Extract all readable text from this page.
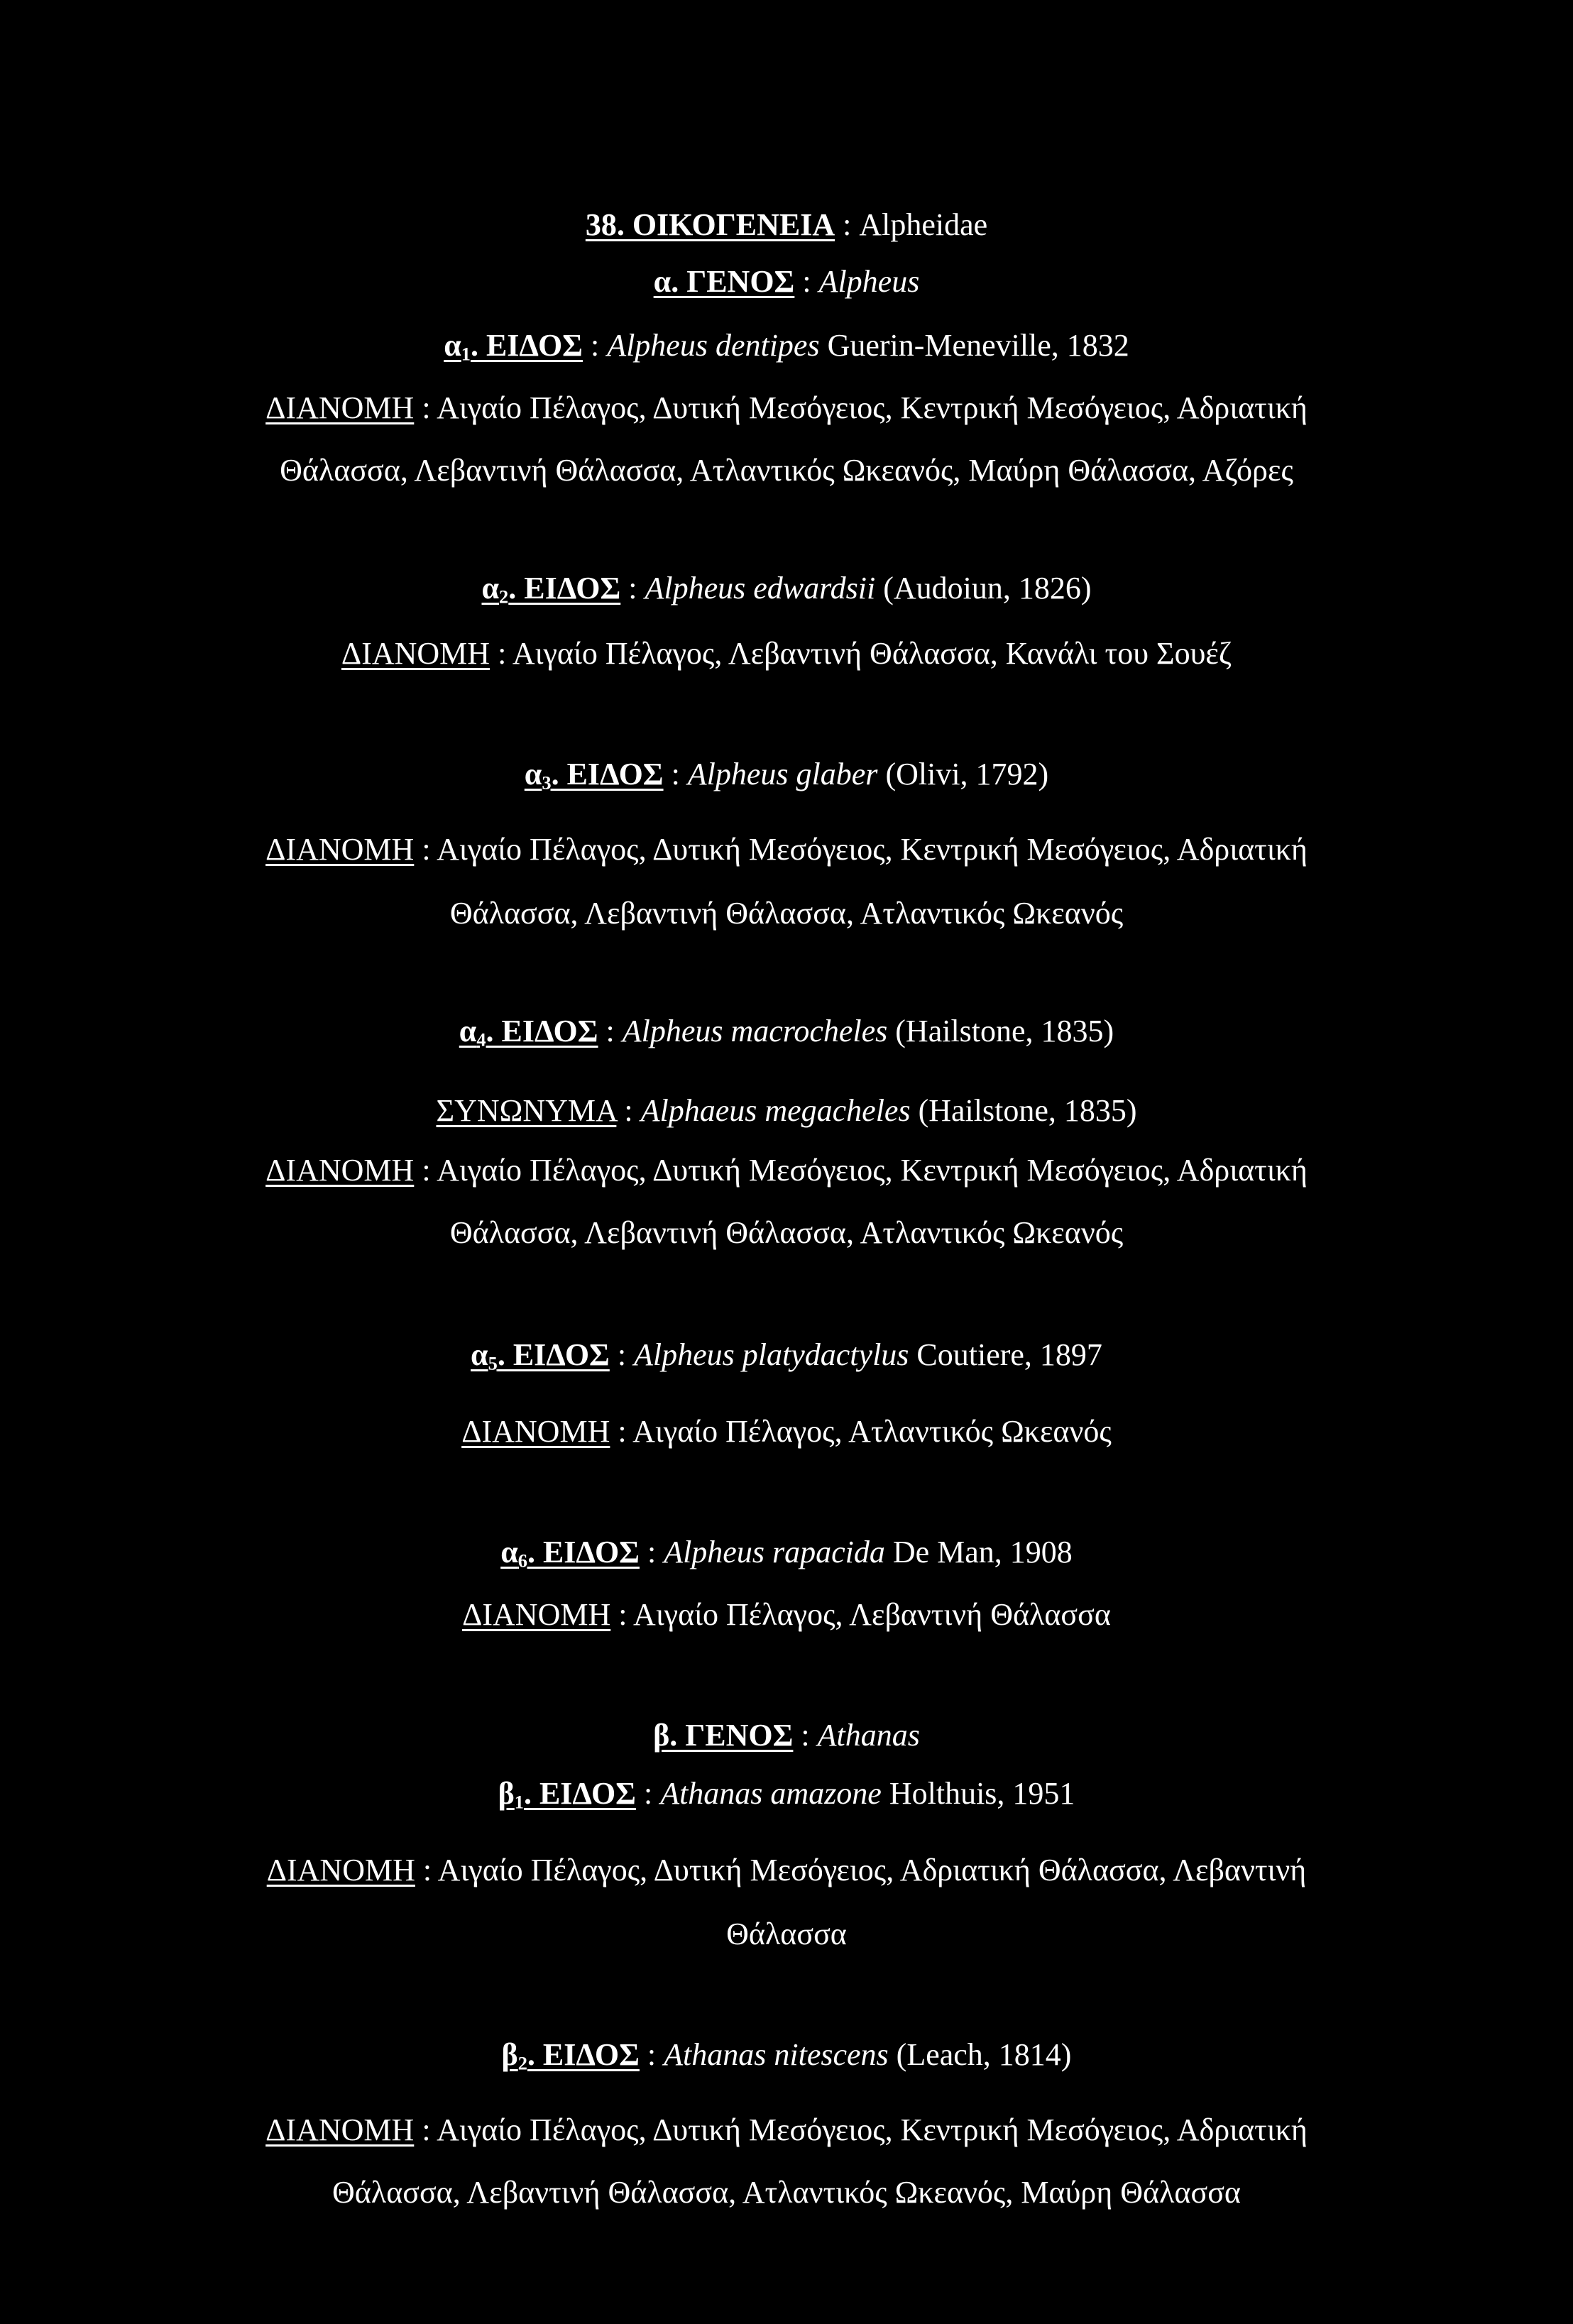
38. ΟΙΚΟΓΕΝΕΙΑ : Alpheidae
α. ΓΕΝΟΣ : Alpheus
$\alpha_1$. ΕΙΔΟΣ : Alpheus dentipes Guerin-Meneville, 1832
ΔΙΑΝΟΜΗ : Αιγαίο Πέλαγος, Δυτική Μεσόγειος, Κεντρική Μεσόγειος, Αδριατική
Θάλασσα, Λεβαντινή Θάλασσα, Ατλαντικός Ωκεανός, Μαύρη Θάλασσα, Αζόρες
$\alpha_2$. ΕΙΔΟΣ : Alpheus edwardsii (Audoiun, 1826)
ΔΙΑΝΟΜΗ : Αιγαίο Πέλαγος, Λεβαντινή Θάλασσα, Κανάλι του Σουέζ
$\alpha_3$. ΕΙΔΟΣ : Alpheus glaber (Olivi, 1792)
ΔΙΑΝΟΜΗ : Αιγαίο Πέλαγος, Δυτική Μεσόγειος, Κεντρική Μεσόγειος, Αδριατική
Θάλασσα, Λεβαντινή Θάλασσα, Ατλαντικός Ωκεανός
$\alpha_4$. ΕΙΔΟΣ : Alpheus macrocheles (Hailstone, 1835)
ΣΥΝΩΝΥΜΑ : Alphaeus megacheles (Hailstone, 1835)
ΔΙΑΝΟΜΗ : Αιγαίο Πέλαγος, Δυτική Μεσόγειος, Κεντρική Μεσόγειος, Αδριατική
Θάλασσα, Λεβαντινή Θάλασσα, Ατλαντικός Ωκεανός
$\alpha_5$. ΕΙΔΟΣ : Alpheus platydactylus Coutiere, 1897
ΔΙΑΝΟΜΗ : Αιγαίο Πέλαγος, Ατλαντικός Ωκεανός
$\alpha_6$. ΕΙΔΟΣ : Alpheus rapacida De Man, 1908
ΔΙΑΝΟΜΗ : Αιγαίο Πέλαγος, Λεβαντινή Θάλασσα
β. ΓΕΝΟΣ : Athanas
$\beta_1$. ΕΙΔΟΣ : Athanas amazone Holthuis, 1951
ΔΙΑΝΟΜΗ : Αιγαίο Πέλαγος, Δυτική Μεσόγειος, Αδριατική Θάλασσα, Λεβαντινή
Θάλασσα
$\beta_2$. ΕΙΔΟΣ : Athanas nitescens (Leach, 1814)
ΔΙΑΝΟΜΗ : Αιγαίο Πέλαγος, Δυτική Μεσόγειος, Κεντρική Μεσόγειος, Αδριατική
Θάλασσα, Λεβαντινή Θάλασσα, Ατλαντικός Ωκεανός, Μαύρη Θάλασσα
